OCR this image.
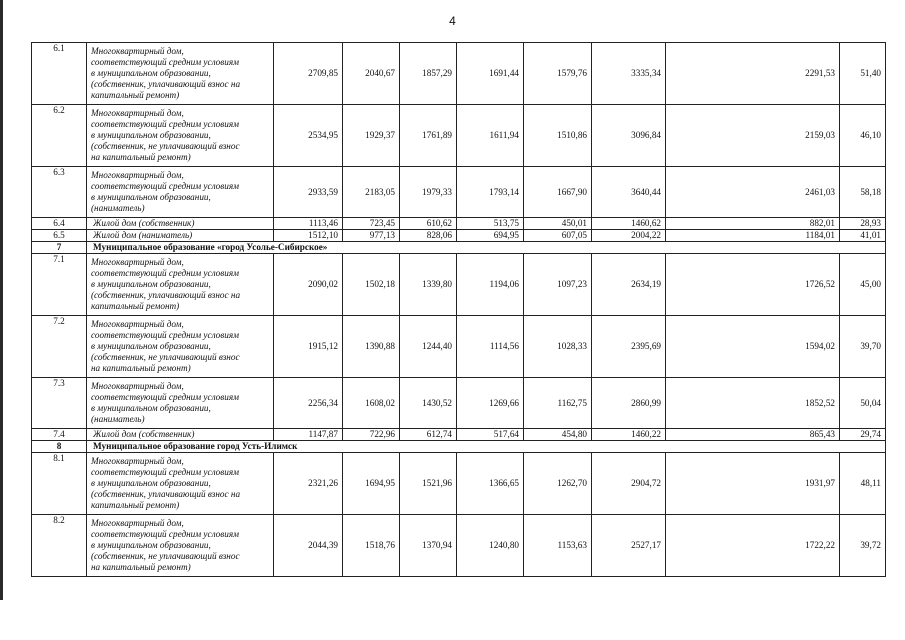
4
6.1	Многоквартирный дом,
соответствующий средним условиям
в муниципальном образовании,
(собственник, уплачивающий взнос на
капитальный ремонт)	2709,85	2040,67	1857,29	1691,44	1579,76	3335,34	2291,53	51,40
6.2	Многоквартирный дом,
соответствующий средним условиям
в муниципальном образовании,
(собственник, не уплачивающий взнос
на капитальный ремонт)	2534,95	1929,37	1761,89	1611,94	1510,86	3096,84	2159,03	46,10
6.3	Многоквартирный дом,
соответствующий средним условиям
в муниципальном образовании,
(наниматель)	2933,59	2183,05	1979,33	1793,14	1667,90	3640,44	2461,03	58,18
6.4	Жилой дом (собственник)	1113,46	723,45	610,62	513,75	450,01	1460,62	882,01	28,93
6.5	Жилой дом (наниматель)	1512,10	977,13	828,06	694,95	607,05	2004,22	1184,01	41,01
7	Муниципальное образование «город Усолье-Сибирское»								
7.1	Многоквартирный дом,
соответствующий средним условиям
в муниципальном образовании,
(собственник, уплачивающий взнос на
капитальный ремонт)	2090,02	1502,18	1339,80	1194,06	1097,23	2634,19	1726,52	45,00
7.2	Многоквартирный дом,
соответствующий средним условиям
в муниципальном образовании,
(собственник, не уплачивающий взнос
на капитальный ремонт)	1915,12	1390,88	1244,40	1114,56	1028,33	2395,69	1594,02	39,70
7.3	Многоквартирный дом,
соответствующий средним условиям
в муниципальном образовании,
(наниматель)	2256,34	1608,02	1430,52	1269,66	1162,75	2860,99	1852,52	50,04
7.4	Жилой дом (собственник)	1147,87	722,96	612,74	517,64	454,80	1460,22	865,43	29,74
8	Муниципальное образование город Усть-Илимск								
8.1	Многоквартирный дом,
соответствующий средним условиям
в муниципальном образовании,
(собственник, уплачивающий взнос на
капитальный ремонт)	2321,26	1694,95	1521,96	1366,65	1262,70	2904,72	1931,97	48,11
8.2	Многоквартирный дом,
соответствующий средним условиям
в муниципальном образовании,
(собственник, не уплачивающий взнос
на капитальный ремонт)	2044,39	1518,76	1370,94	1240,80	1153,63	2527,17	1722,22	39,72
